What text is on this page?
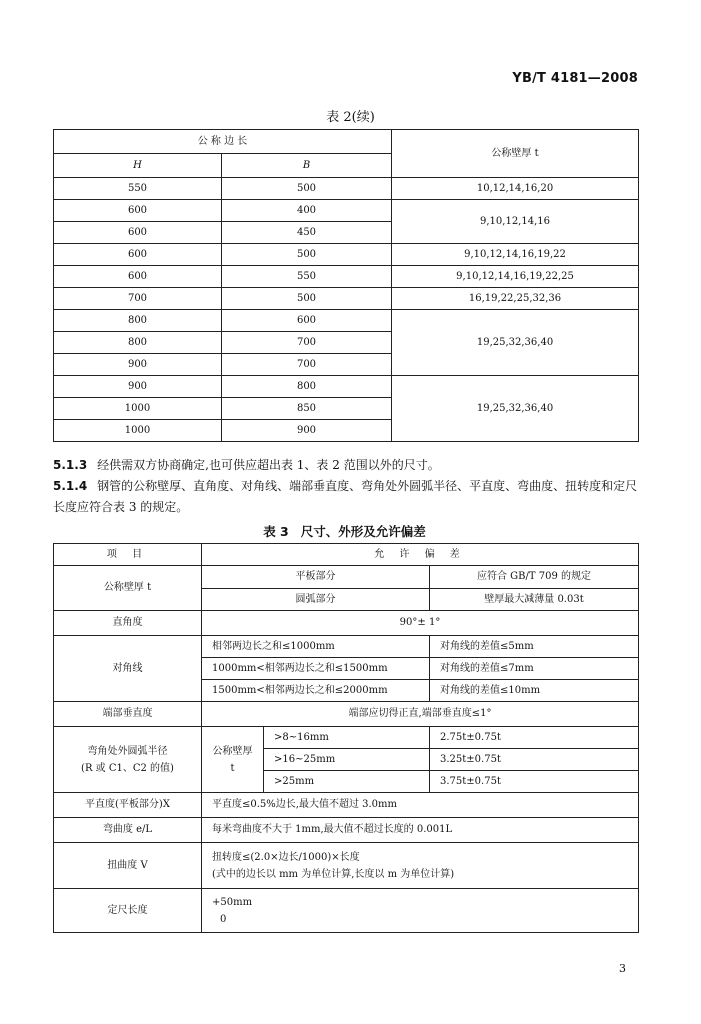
YB/T 4181—2008
表 2(续)
公 称 边 长		公称壁厚 t
H	B	
550	500	10,12,14,16,20
600	400	9,10,12,14,16
600	450	
600	500	9,10,12,14,16,19,22
600	550	9,10,12,14,16,19,22,25
700	500	16,19,22,25,32,36
800	600	19,25,32,36,40
800	700	
900	700	
900	800	19,25,32,36,40
1000	850	
1000	900	
5.1.3 经供需双方协商确定,也可供应超出表 1、表 2 范围以外的尺寸。
5.1.4 钢管的公称壁厚、直角度、对角线、端部垂直度、弯角处外圆弧半径、平直度、弯曲度、扭转度和定尺长度应符合表 3 的规定。
表 3 尺寸、外形及允许偏差
项 目	允 许 偏 差		
公称壁厚 t	平板部分		应符合 GB/T 709 的规定
	圆弧部分		壁厚最大减薄量 0.03t
直角度	90°± 1°		
对角线	相邻两边长之和≤1000mm		对角线的差值≤5mm
	1000mm<相邻两边长之和≤1500mm		对角线的差值≤7mm
	1500mm<相邻两边长之和≤2000mm		对角线的差值≤10mm
端部垂直度	端部应切得正直,端部垂直度≤1°		

弯角处外圆弧半径
(R 或 C1、C2 的值)	公称壁厚 t	>8~16mm	2.75t±0.75t
		>16~25mm	3.25t±0.75t
		>25mm	3.75t±0.75t
平直度(平板部分)X	平直度≤0.5%边长,最大值不超过 3.0mm		
弯曲度 e/L	每米弯曲度不大于 1mm,最大值不超过长度的 0.001L		
扭曲度 V	扭转度≤(2.0×边长/1000)×长度
(式中的边长以 mm 为单位计算,长度以 m 为单位计算)		

定尺长度	+50mm
0		
3
